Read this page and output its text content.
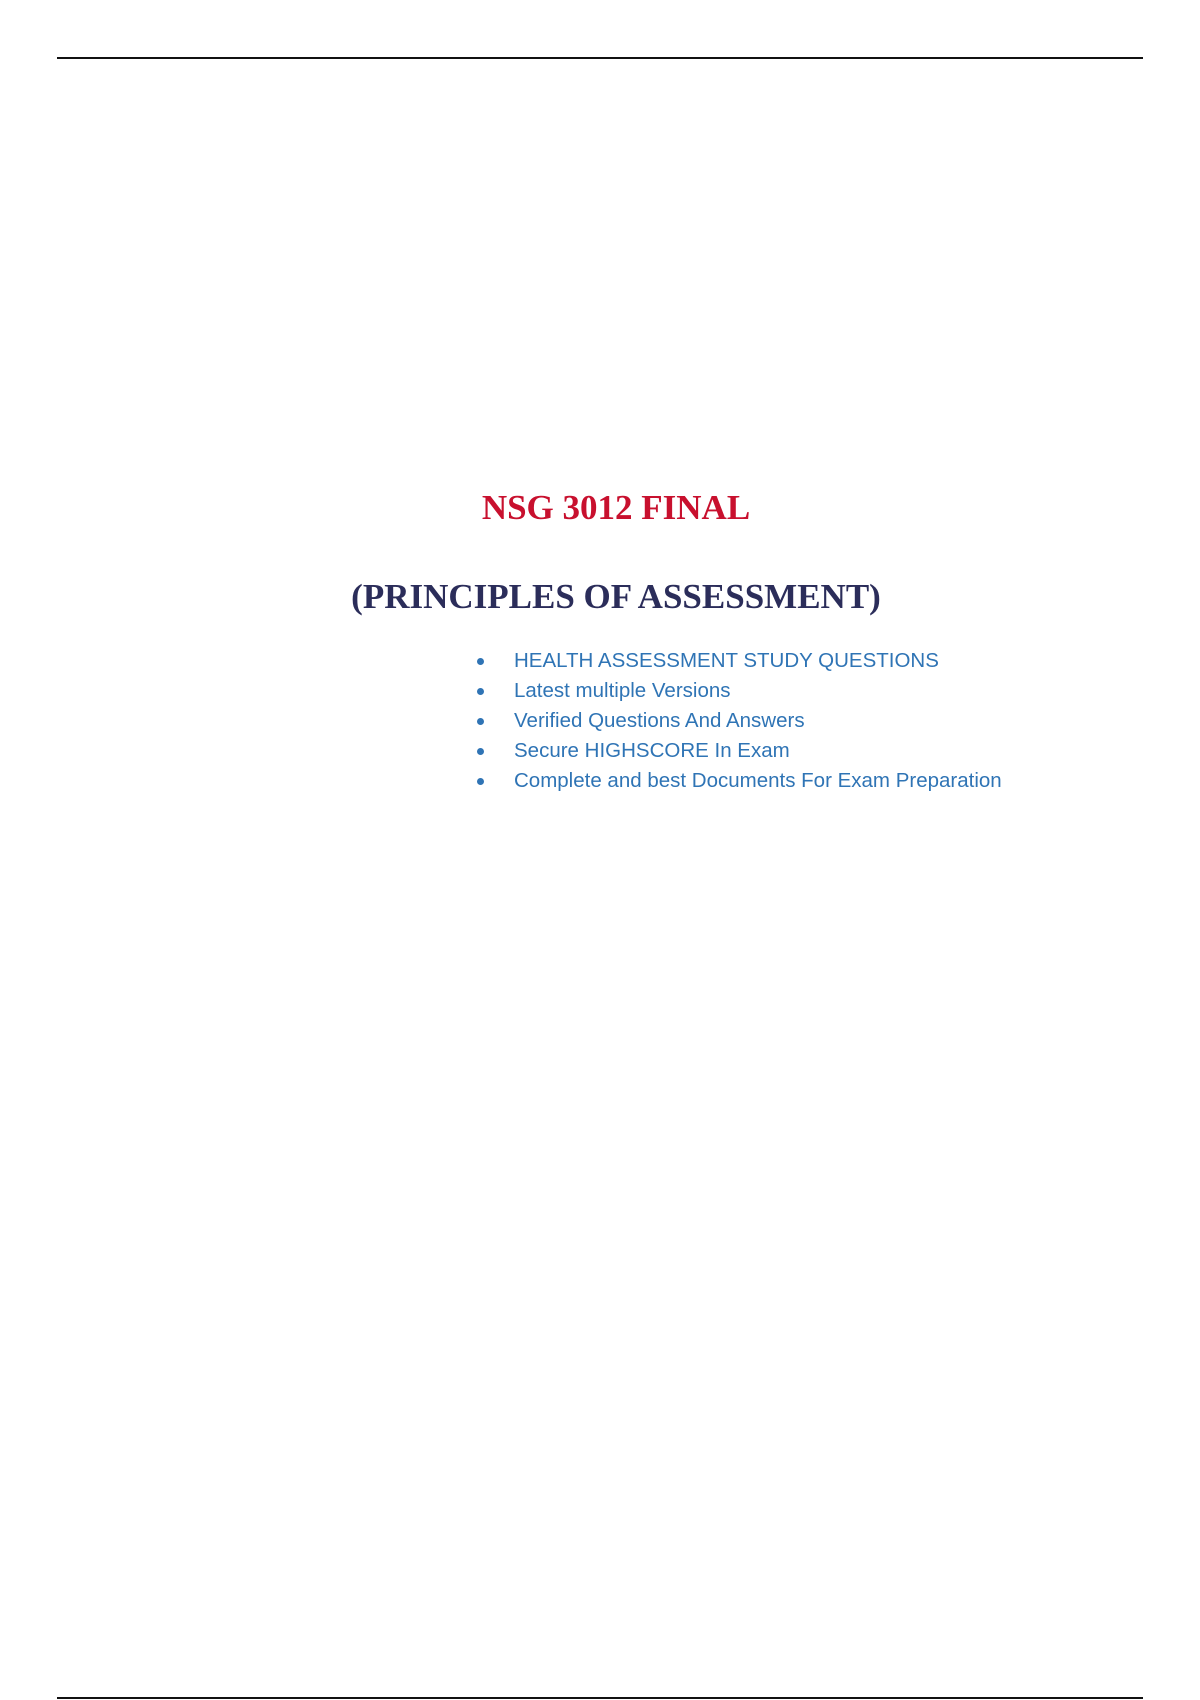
NSG 3012 FINAL
(PRINCIPLES OF ASSESSMENT)
HEALTH ASSESSMENT STUDY QUESTIONS
Latest multiple Versions
Verified Questions And Answers
Secure HIGHSCORE In Exam
Complete and best Documents For Exam Preparation
